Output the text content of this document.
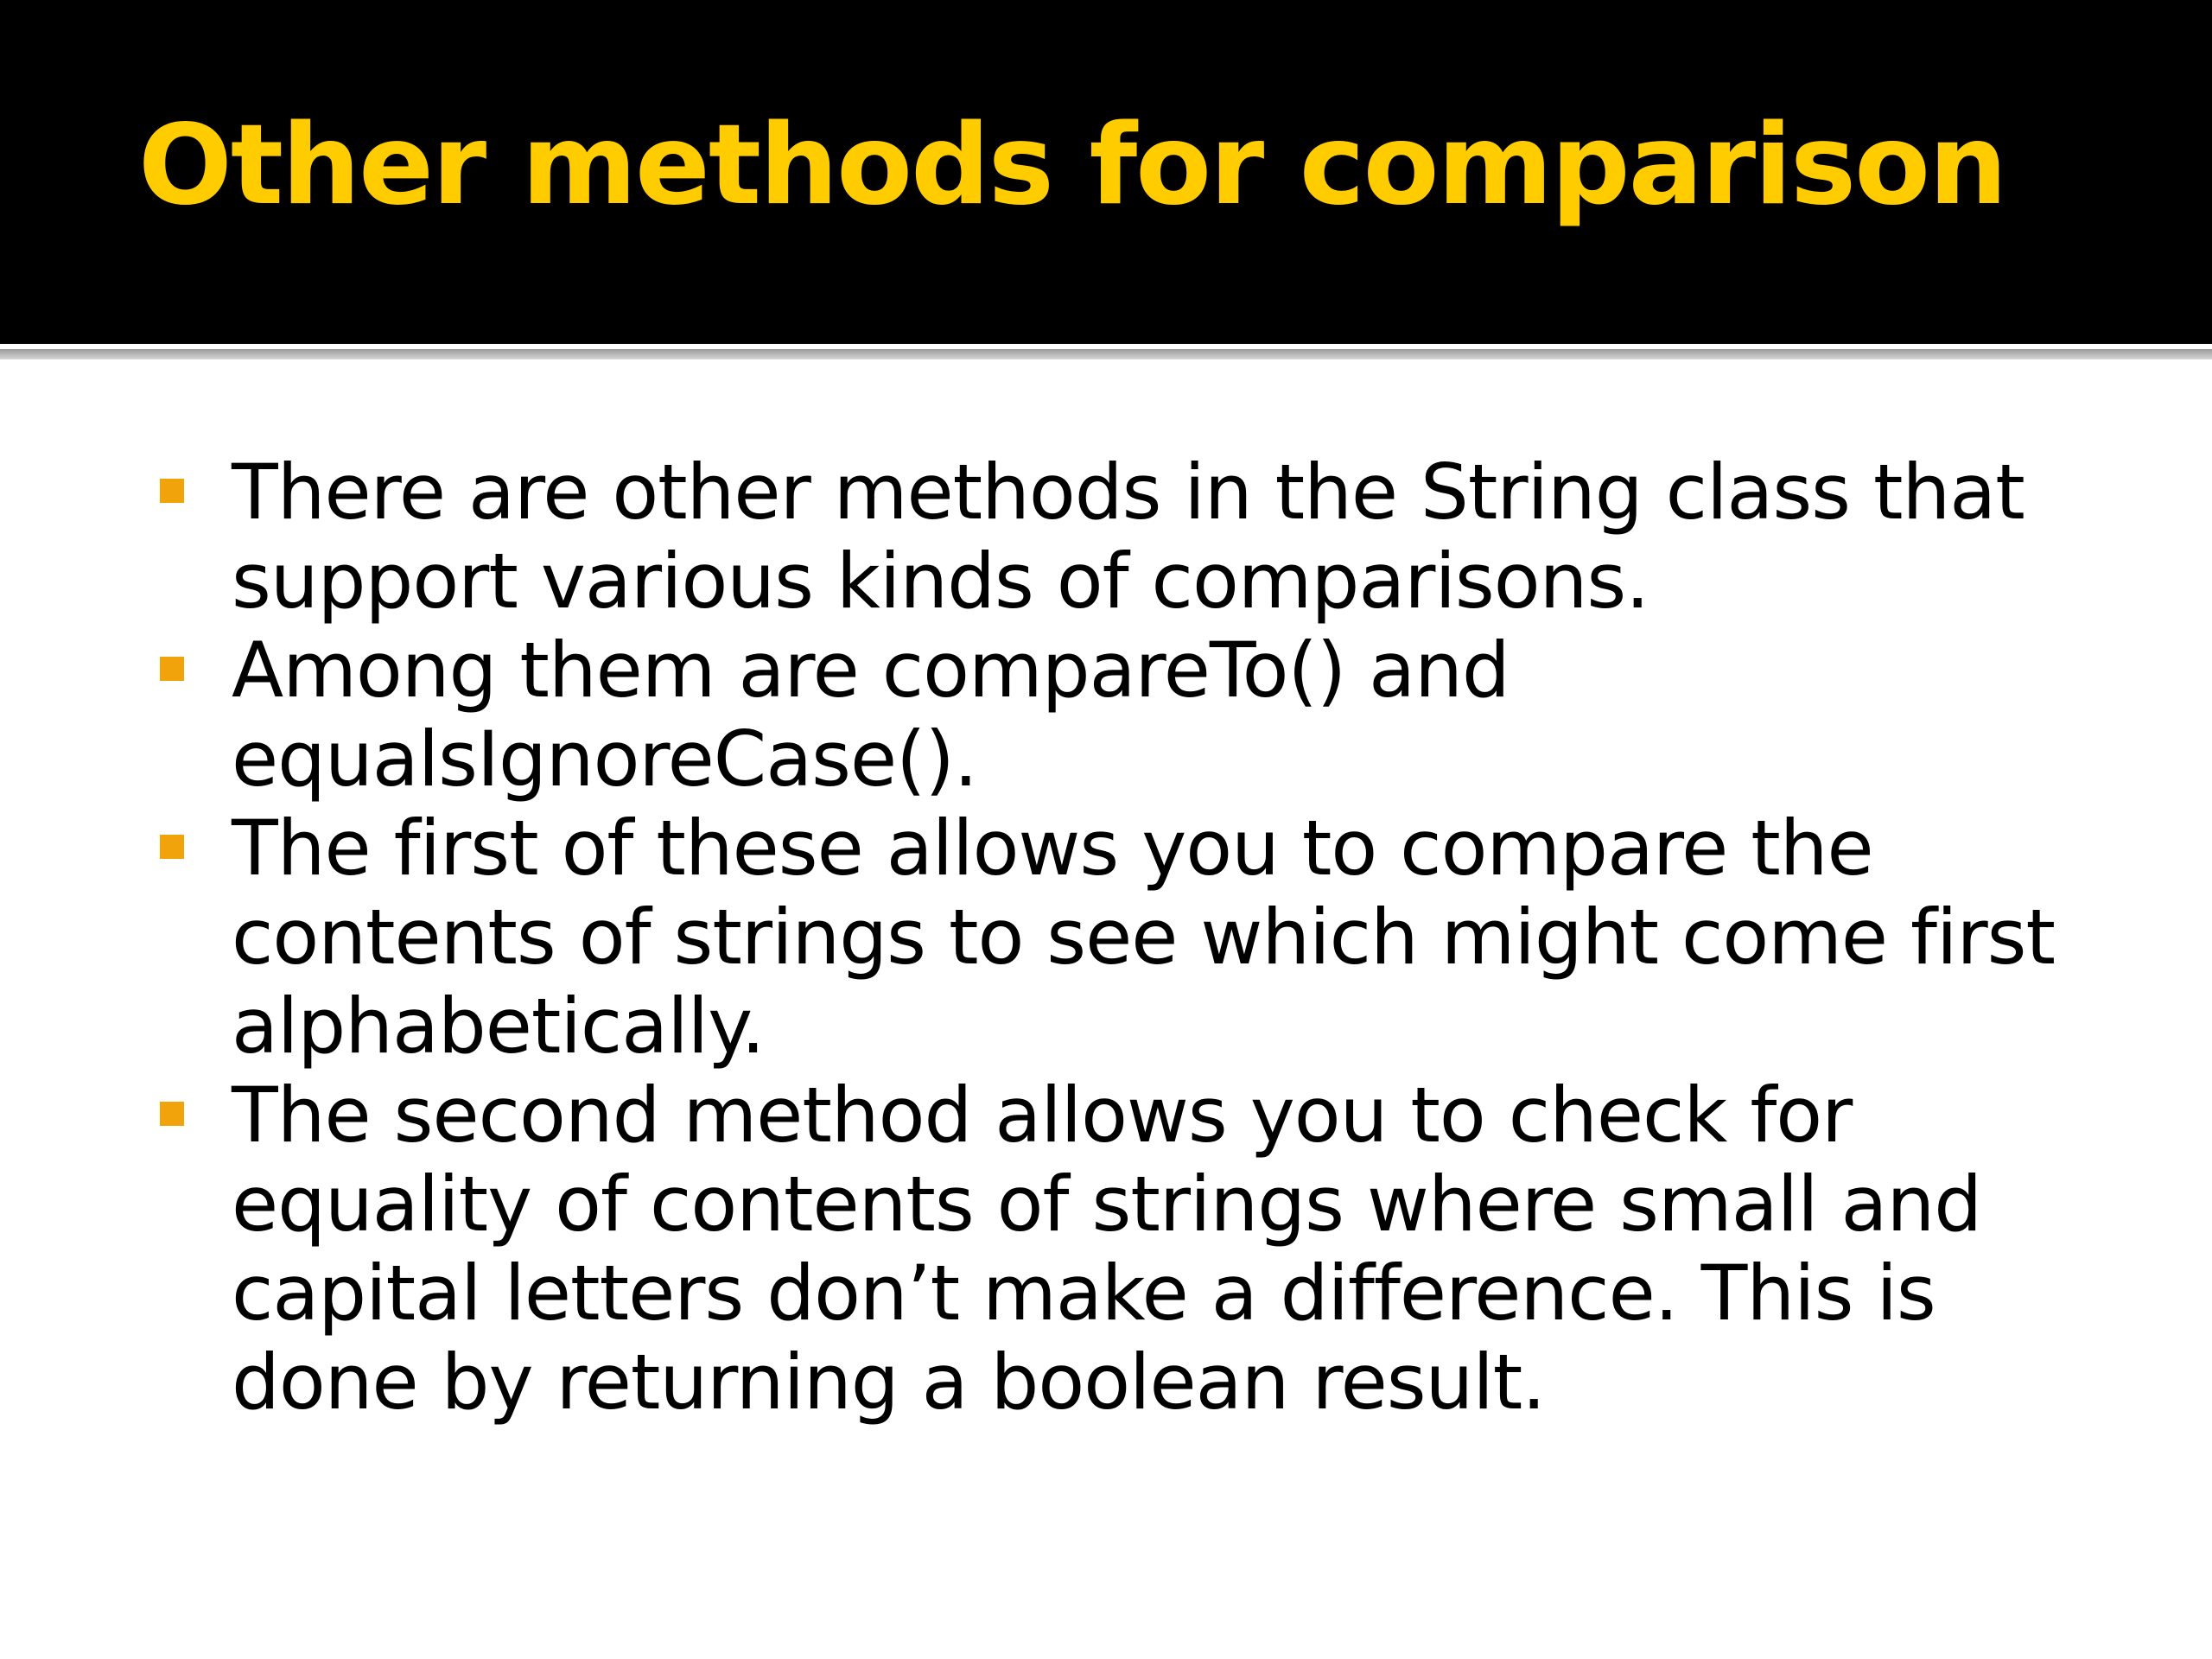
Other methods for comparison
There are other methods in the String class that support various kinds of comparisons.
Among them are compareTo() and equalsIgnoreCase().
The first of these allows you to compare the contents of strings to see which might come first alphabetically.
The second method allows you to check for equality of contents of strings where small and capital letters don’t make a difference. This is done by returning a boolean result.
